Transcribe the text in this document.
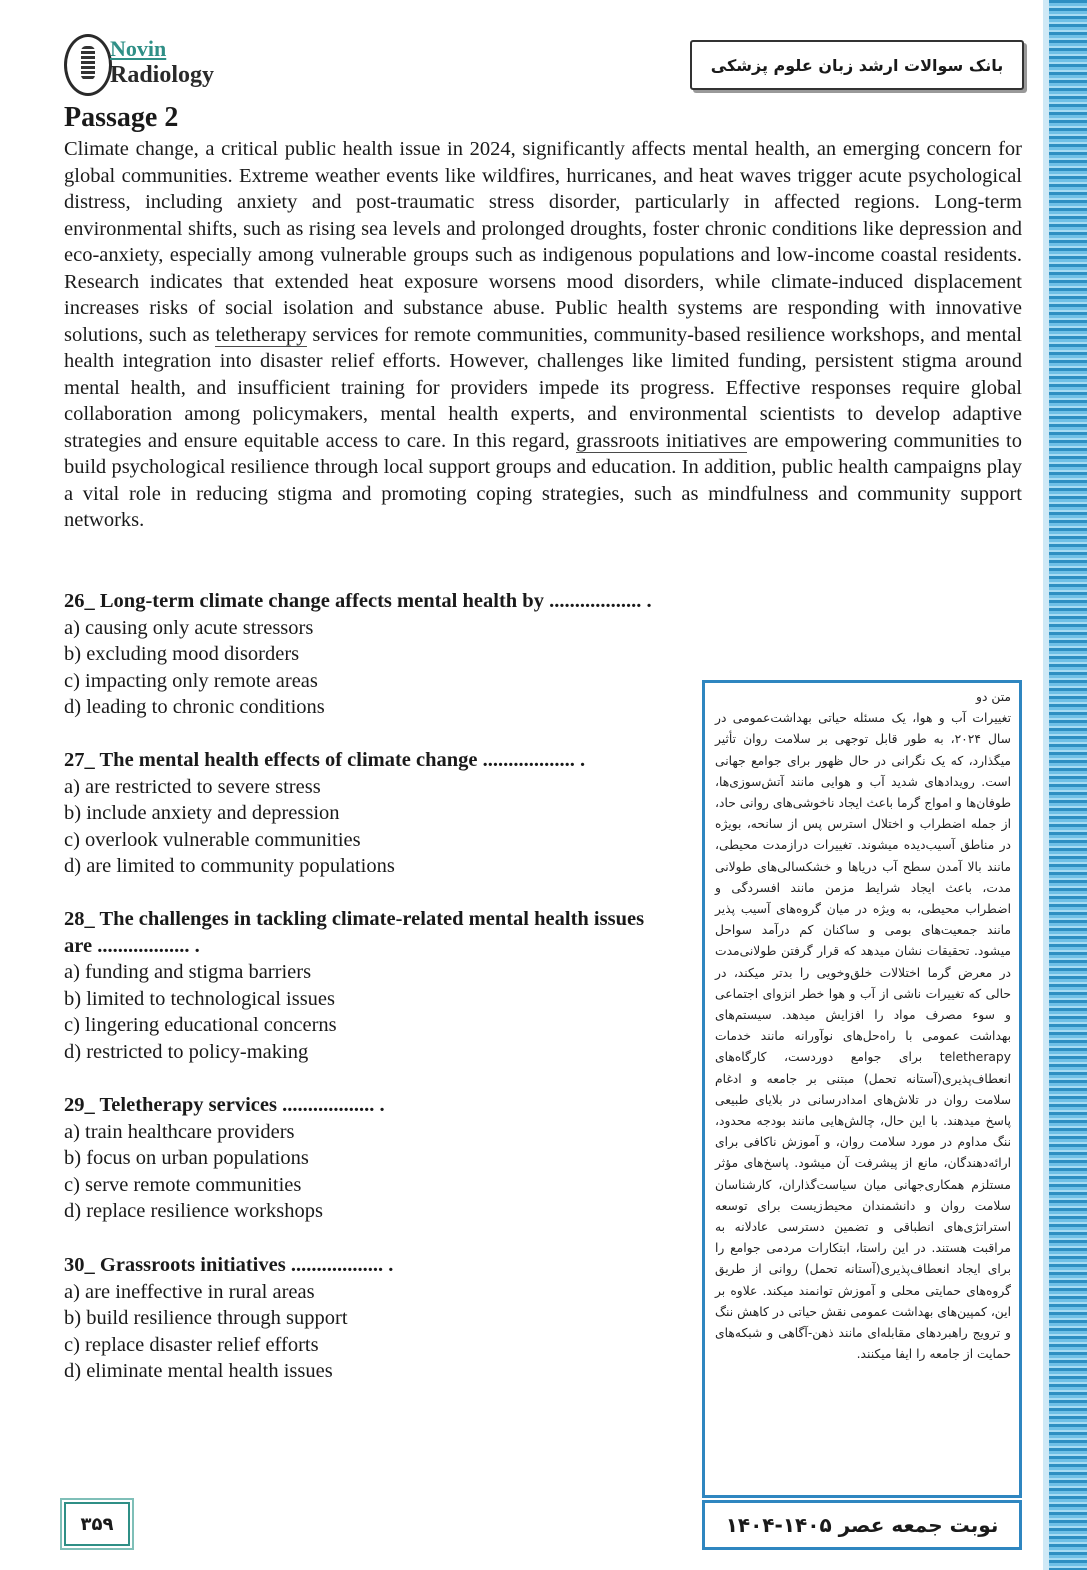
Novin
Radiology	بانک سوالات ارشد زبان علوم پزشکی
Passage 2
Climate change, a critical public health issue in 2024, significantly affects mental health, an emerging concern for global communities. Extreme weather events like wildfires, hurricanes, and heat waves trigger acute psychological distress, including anxiety and post-traumatic stress disorder, particularly in affected regions. Long-term environmental shifts, such as rising sea levels and prolonged droughts, foster chronic conditions like depression and eco-anxiety, especially among vulnerable groups such as indigenous populations and low-income coastal residents. Research indicates that extended heat exposure worsens mood disorders, while climate-induced displacement increases risks of social isolation and substance abuse. Public health systems are responding with innovative solutions, such as teletherapy services for remote communities, community-based resilience workshops, and mental health integration into disaster relief efforts. However, challenges like limited funding, persistent stigma around mental health, and insufficient training for providers impede its progress. Effective responses require global collaboration among policymakers, mental health experts, and environmental scientists to develop adaptive strategies and ensure equitable access to care. In this regard, grassroots initiatives are empowering communities to build psychological resilience through local support groups and education. In addition, public health campaigns play a vital role in reducing stigma and promoting coping strategies, such as mindfulness and community support networks.
26_ Long-term climate change affects mental health by .................. .
a) causing only acute stressors
b) excluding mood disorders
c) impacting only remote areas
d) leading to chronic conditions
27_ The mental health effects of climate change .................. .
a) are restricted to severe stress
b) include anxiety and depression
c) overlook vulnerable communities
d) are limited to community populations
28_ The challenges in tackling climate-related mental health issues are .................. .
a) funding and stigma barriers
b) limited to technological issues
c) lingering educational concerns
d) restricted to policy-making
29_ Teletherapy services .................. .
a) train healthcare providers
b) focus on urban populations
c) serve remote communities
d) replace resilience workshops
30_ Grassroots initiatives .................. .
a) are ineffective in rural areas
b) build resilience through support
c) replace disaster relief efforts
d) eliminate mental health issues
متن دو
تغییرات آب و هوا، یک مسئله حیاتی بهداشت‌عمومی در سال ۲۰۲۴، به طور قابل توجهی بر سلامت روان تأثیر میگذارد، که یک نگرانی در حال ظهور برای جوامع جهانی است. رویدادهای شدید آب و هوایی مانند آتش‌سوزی‌ها، طوفان‌ها و امواج گرما باعث ایجاد ناخوشی‌های روانی حاد، از جمله اضطراب و اختلال استرس پس از سانحه، بویژه در مناطق آسیب‌دیده میشوند. تغییرات درازمدت محیطی، مانند بالا آمدن سطح آب دریاها و خشکسالی‌های طولانی مدت، باعث ایجاد شرایط مزمن مانند افسردگی و اضطراب محیطی، به ویژه در میان گروه‌های آسیب پذیر مانند جمعیت‌های بومی و ساکنان کم درآمد سواحل میشود. تحقیقات نشان میدهد که قرار گرفتن طولانی‌مدت در معرض گرما اختلالات خلق‌وخویی را بدتر میکند، در حالی که تغییرات ناشی از آب و هوا خطر انزوای اجتماعی و سوء مصرف مواد را افزایش میدهد. سیستم‌های بهداشت عمومی با راه‌حل‌های نوآورانه مانند خدمات teletherapy برای جوامع دوردست، کارگاه‌های انعطاف‌پذیری(آستانه تحمل) مبتنی بر جامعه و ادغام سلامت روان در تلاش‌های امدادرسانی در بلایای طبیعی پاسخ میدهند. با این حال، چالش‌هایی مانند بودجه محدود، ننگ مداوم در مورد سلامت روان، و آموزش ناکافی برای ارائه‌دهندگان، مانع از پیشرفت آن میشود. پاسخ‌های مؤثر مستلزم همکاری‌جهانی میان سیاست‌گذاران، کارشناسان سلامت روان و دانشمندان محیط‌زیست برای توسعه استراتژی‌های انطباقی و تضمین دسترسی عادلانه به مراقبت هستند. در این راستا، ابتکارات مردمی جوامع را برای ایجاد انعطاف‌پذیری(آستانه تحمل) روانی از طریق گروه‌های حمایتی محلی و آموزش توانمند میکند. علاوه بر این، کمپین‌های بهداشت عمومی نقش حیاتی در کاهش ننگ و ترویج راهبردهای مقابله‌ای مانند ذهن-آگاهی و شبکه‌های حمایت از جامعه را ایفا میکنند.
نوبت جمعه عصر ۱۴۰۵-۱۴۰۴
۳۵۹
